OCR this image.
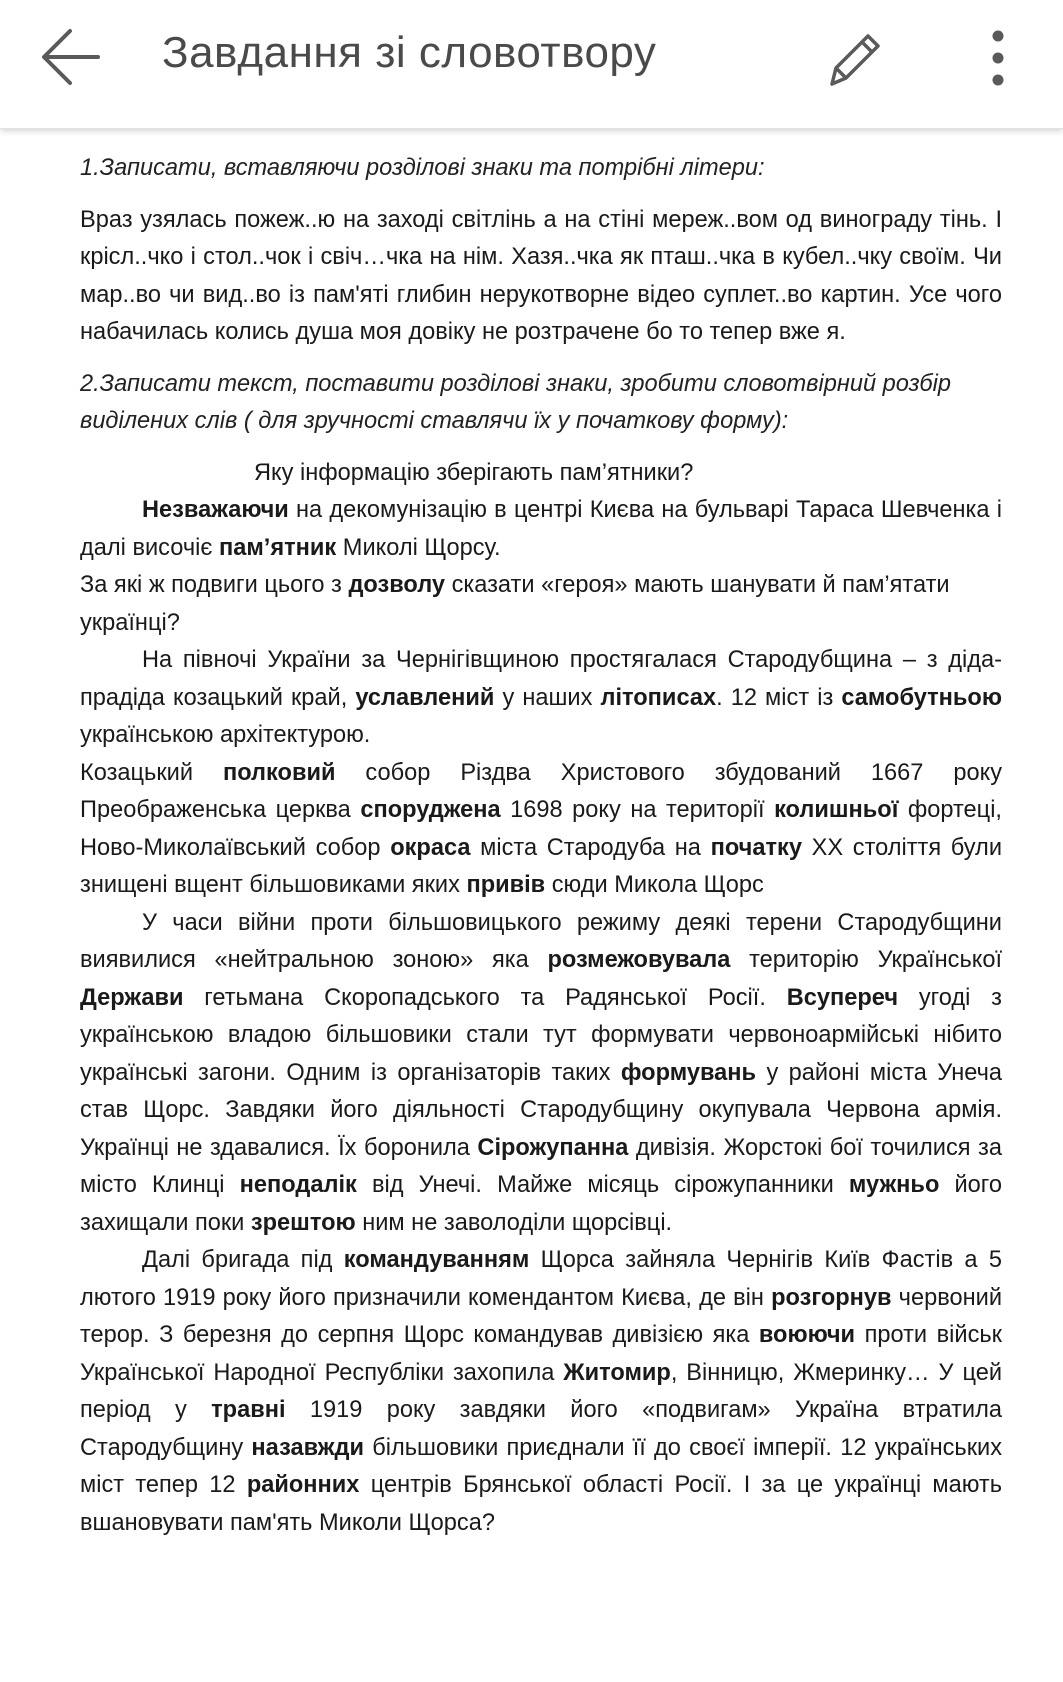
Завдання зі словотвору

1.Записати, вставляючи розділові знаки та потрібні літери:

Враз узялась пожеж..ю на заході світлінь а на стіні мереж..вом од винограду тінь. І крісл..чко і стол..чок і свіч…чка на нім. Хазя..чка як пташ..чка в кубел..чку своїм. Чи мар..во чи вид..во із пам'яті глибин нерукотворне відео суплет..во картин. Усе чого набачилась колись душа моя довіку не розтрачене бо то тепер вже я.

2.Записати текст, поставити розділові знаки, зробити словотвірний розбір виділених слів ( для зручності ставлячи їх у початкову форму):

Яку інформацію зберігають пам’ятники?

Незважаючи на декомунізацію в центрі Києва на бульварі Тараса Шевченка і далі височіє пам’ятник Миколі Щорсу.

За які ж подвиги цього з дозволу сказати «героя» мають шанувати й пам’ятати українці?

На півночі України за Чернігівщиною простягалася Стародубщина – з діда-прадіда козацький край, уславлений у наших літописах. 12 міст із самобутньою українською архітектурою.

Козацький полковий собор Різдва Христового збудований 1667 року Преображенська церква споруджена 1698 року на території колишньої фортеці, Ново-Миколаївський собор окраса міста Стародуба на початку ХХ століття були знищені вщент більшовиками яких привів сюди Микола Щорс

У часи війни проти більшовицького режиму деякі терени Стародубщини виявилися «нейтральною зоною» яка розмежовувала територію Української Держави гетьмана Скоропадського та Радянської Росії. Всупереч угоді з українською владою більшовики стали тут формувати червоноармійські нібито українські загони. Одним із організаторів таких формувань у районі міста Унеча став Щорс. Завдяки його діяльності Стародубщину окупувала Червона армія. Українці не здавалися. Їх боронила Сірожупанна дивізія. Жорстокі бої точилися за місто Клинці неподалік від Унечі. Майже місяць сірожупанники мужньо його захищали поки зрештою ним не заволоділи щорсівці.

Далі бригада під командуванням Щорса зайняла Чернігів Київ Фастів а 5 лютого 1919 року його призначили комендантом Києва, де він розгорнув червоний терор. З березня до серпня Щорс командував дивізією яка воюючи проти військ Української Народної Республіки захопила Житомир, Вінницю, Жмеринку… У цей період у травні 1919 року завдяки його «подвигам» Україна втратила Стародубщину назавжди більшовики приєднали її до своєї імперії. 12 українських міст тепер 12 районних центрів Брянської області Росії. І за це українці мають вшановувати пам'ять Миколи Щорса?
